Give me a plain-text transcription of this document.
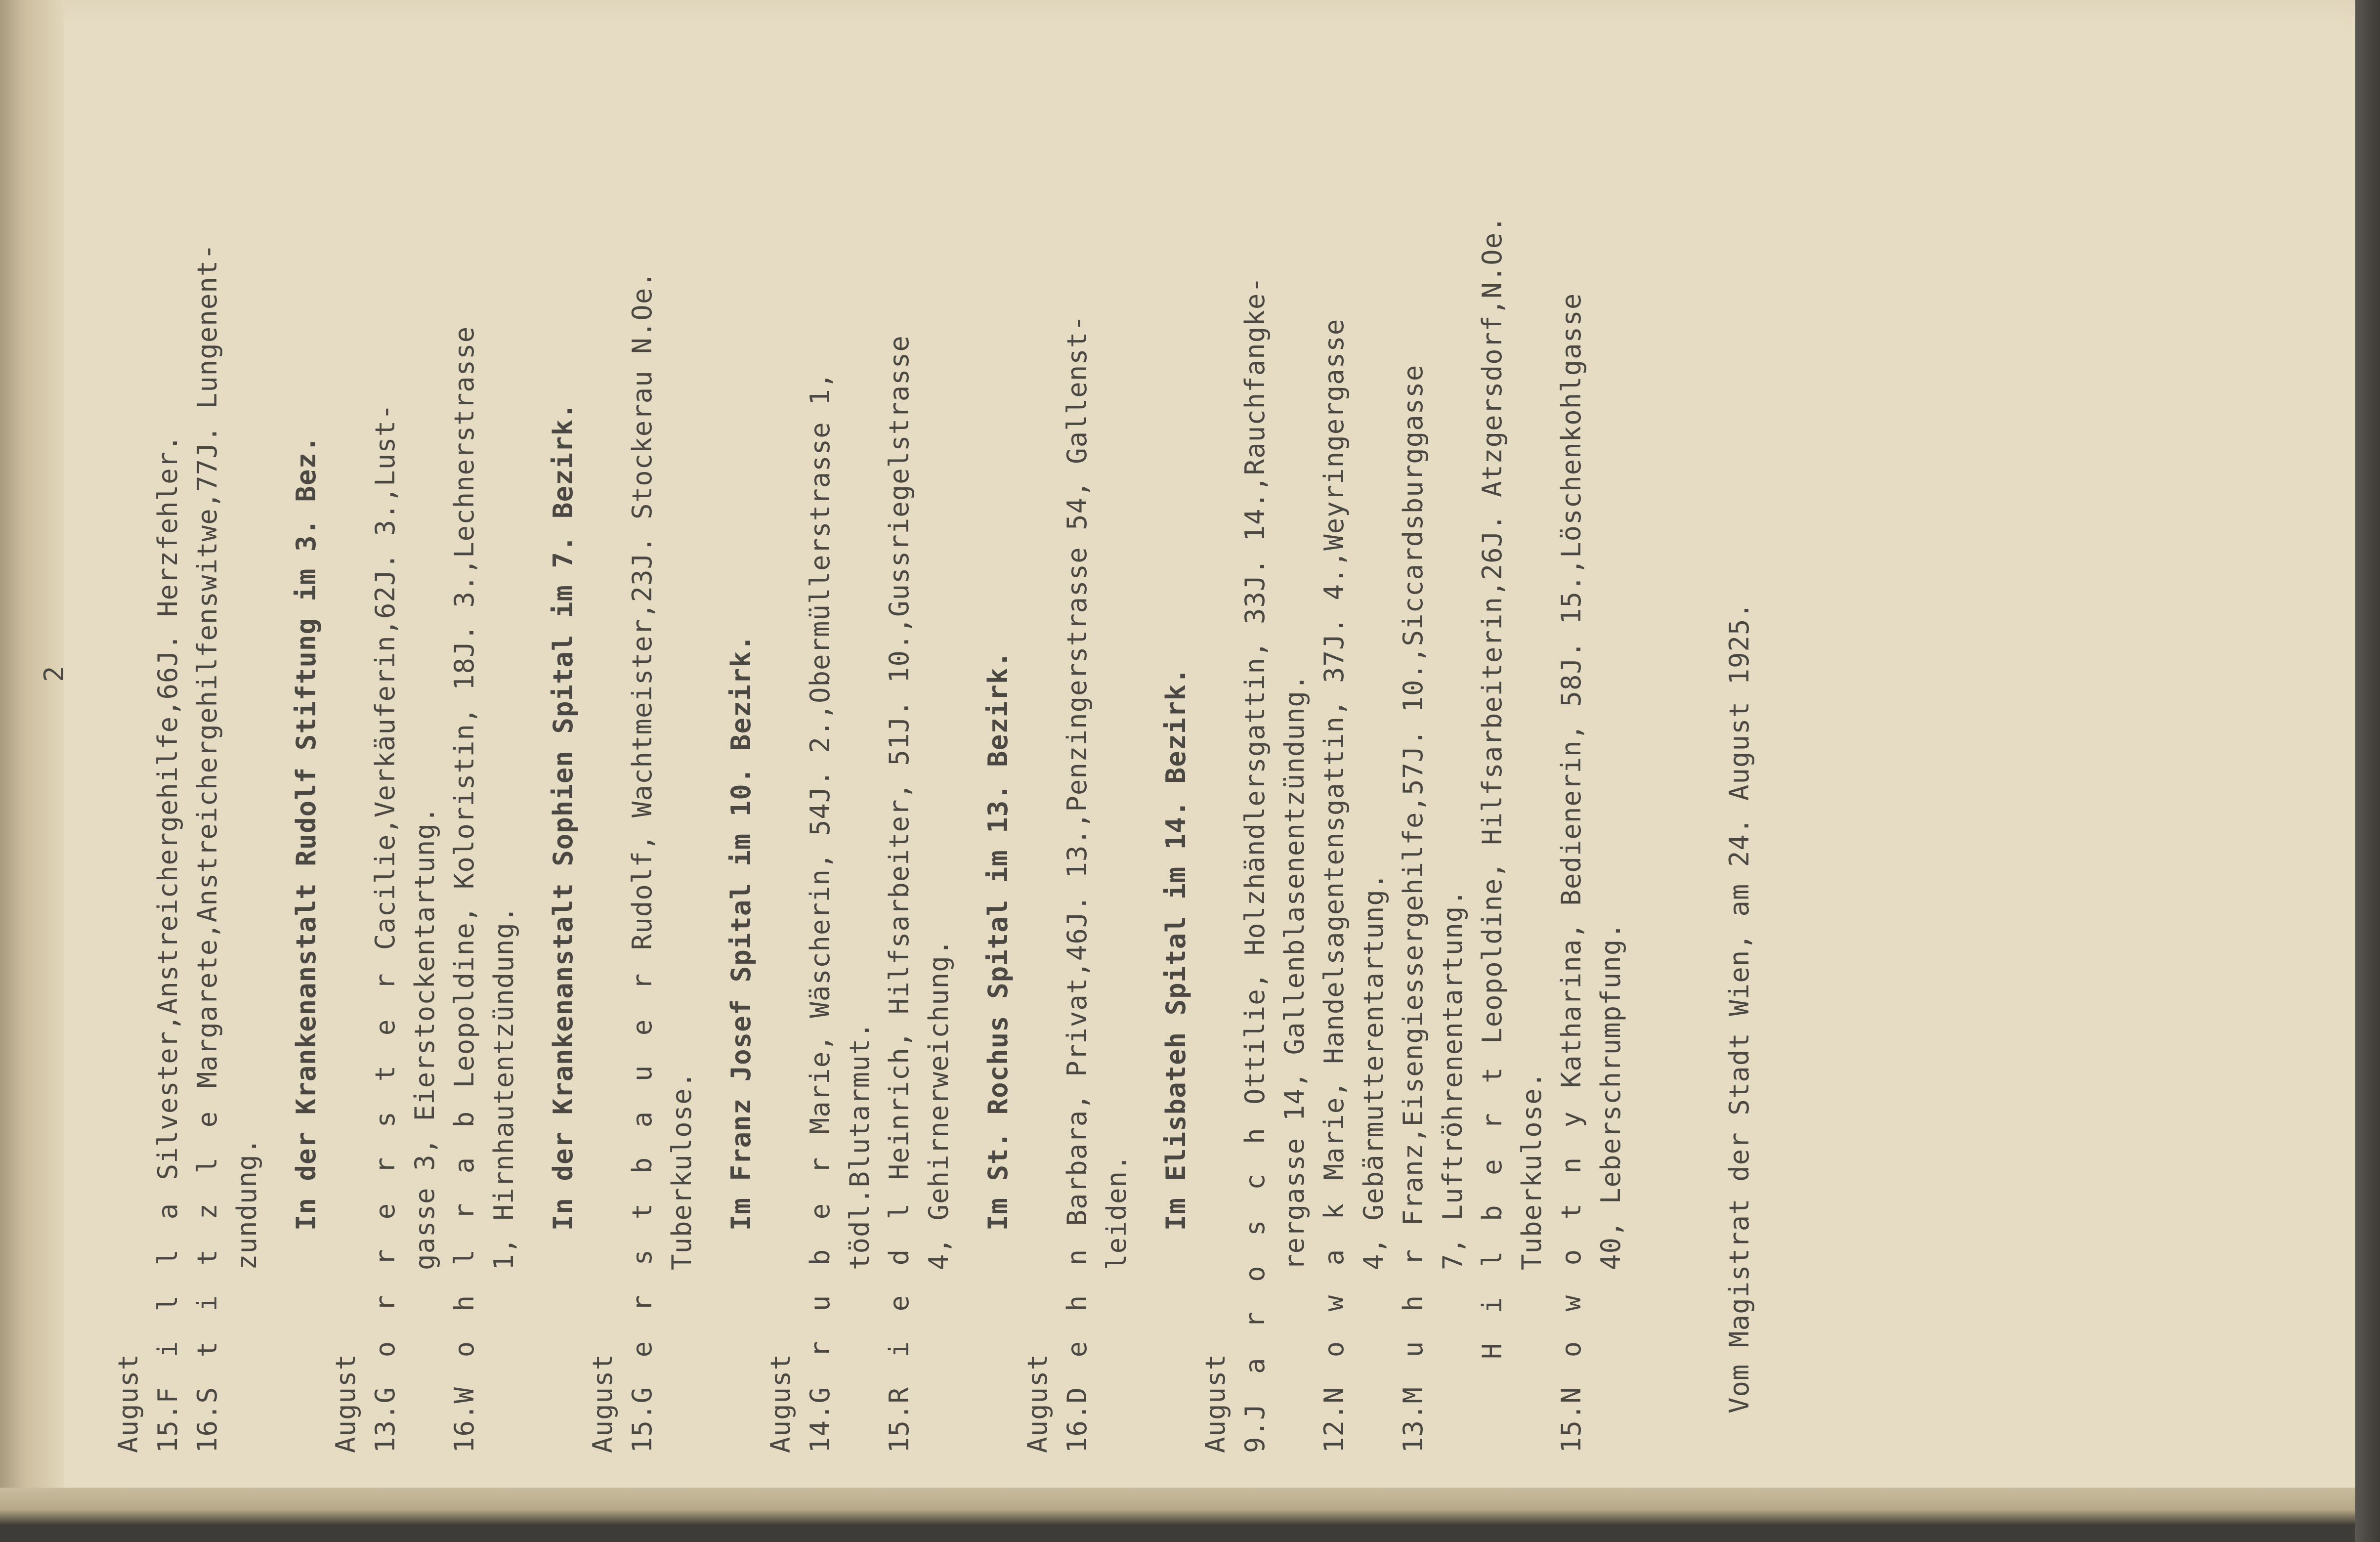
2
August 15.F i l l a Silvester,Anstreichergehilfe,66J. Herzfehler.
16.S t i t z l e Margarete,Anstreichergehilfenswitwe,77J. Lungenent-
zundung. In der Krankenanstalt Rudolf Stiftung im 3. Bez.
August 13.G o r r e r s t e r Cacilie,Verkäuferin,62J. 3.,Lust-
gasse 3, Eierstockentartung.
16.W o h l r a b Leopoldine, Koloristin, 18J. 3.,Lechnerstrasse
1, Hirnhautentzündung. In der Krankenanstalt Sophien Spital im 7. Bezirk.
August 15.G e r s t b a u e r Rudolf, Wachtmeister,23J. Stockerau N.Oe.
Tuberkulose. Im Franz Josef Spital im 10. Bezirk.
August 14.G r u b e r Marie, Wäscherin, 54J. 2.,Obermüllerstrasse 1,
tödl.Blutarmut.
15.R i e d l Heinrich, Hilfsarbeiter, 51J. 10.,Gussriegelstrasse 4, Gehirnerweichung. Im St. Rochus Spital im 13. Bezirk.
August 16.D e h n Barbara, Privat,46J. 13.,Penzingerstrasse 54, Gallenst- leiden. Im Elisbateh Spital im 14. Bezirk.
August 9.J a r o s c h Ottilie, Holzhändlersgattin, 33J. 14.,Rauchfangke- rergasse 14, Gallenblasenentzündung.
12.N o w a k Marie, Handelsagentensgattin, 37J. 4.,Weyringergasse 4, Gebärmutterentartung.
13.M u h r Franz,Eisengiessergehilfe,57J. 10.,Siccardsburggasse 7, Luftröhrenentartung. H i l b e r t Leopoldine, Hilfsarbeiterin,26J. Atzgersdorf,N.Oe.
Tuberkulose.
15.N o w o t n y Katharina, Bedienerin, 58J. 15.,Löschenkohlgasse
40, Leberschrumpfung.	Vom Magistrat der Stadt Wien, am 24. August 1925.
